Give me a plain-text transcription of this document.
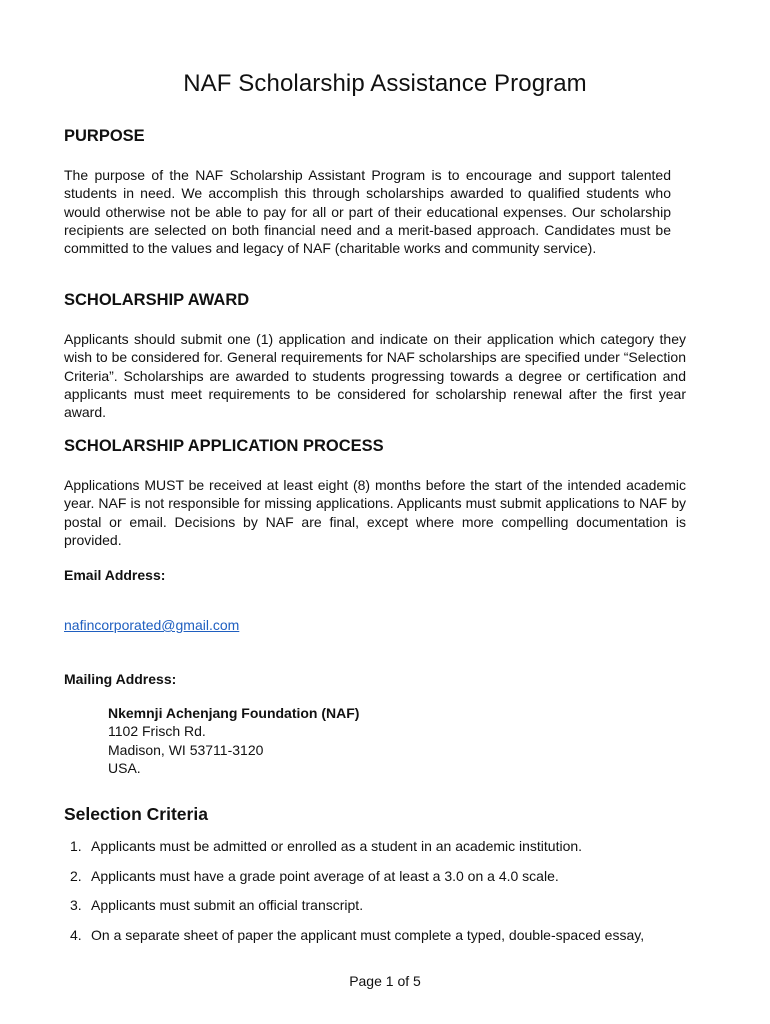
NAF Scholarship Assistance Program
PURPOSE

The purpose of the NAF Scholarship Assistant Program is to encourage and support talented students in need. We accomplish this through scholarships awarded to qualified students who would otherwise not be able to pay for all or part of their educational expenses. Our scholarship recipients are selected on both financial need and a merit-based approach. Candidates must be committed to the values and legacy of NAF (charitable works and community service).

SCHOLARSHIP AWARD

Applicants should submit one (1) application and indicate on their application which category they wish to be considered for. General requirements for NAF scholarships are specified under “Selection Criteria”. Scholarships are awarded to students progressing towards a degree or certification and applicants must meet requirements to be considered for scholarship renewal after the first year award.

SCHOLARSHIP APPLICATION PROCESS

Applications MUST be received at least eight (8) months before the start of the intended academic year. NAF is not responsible for missing applications. Applicants must submit applications to NAF by postal or email. Decisions by NAF are final, except where more compelling documentation is provided.

Email Address:

nafincorporated@gmail.com

Mailing Address:

Nkemnji Achenjang Foundation (NAF)
1102 Frisch Rd.
Madison, WI 53711-3120
USA.
Selection Criteria
1. Applicants must be admitted or enrolled as a student in an academic institution.
2. Applicants must have a grade point average of at least a 3.0 on a 4.0 scale.
3. Applicants must submit an official transcript.
4. On a separate sheet of paper the applicant must complete a typed, double-spaced essay,
Page 1 of 5
